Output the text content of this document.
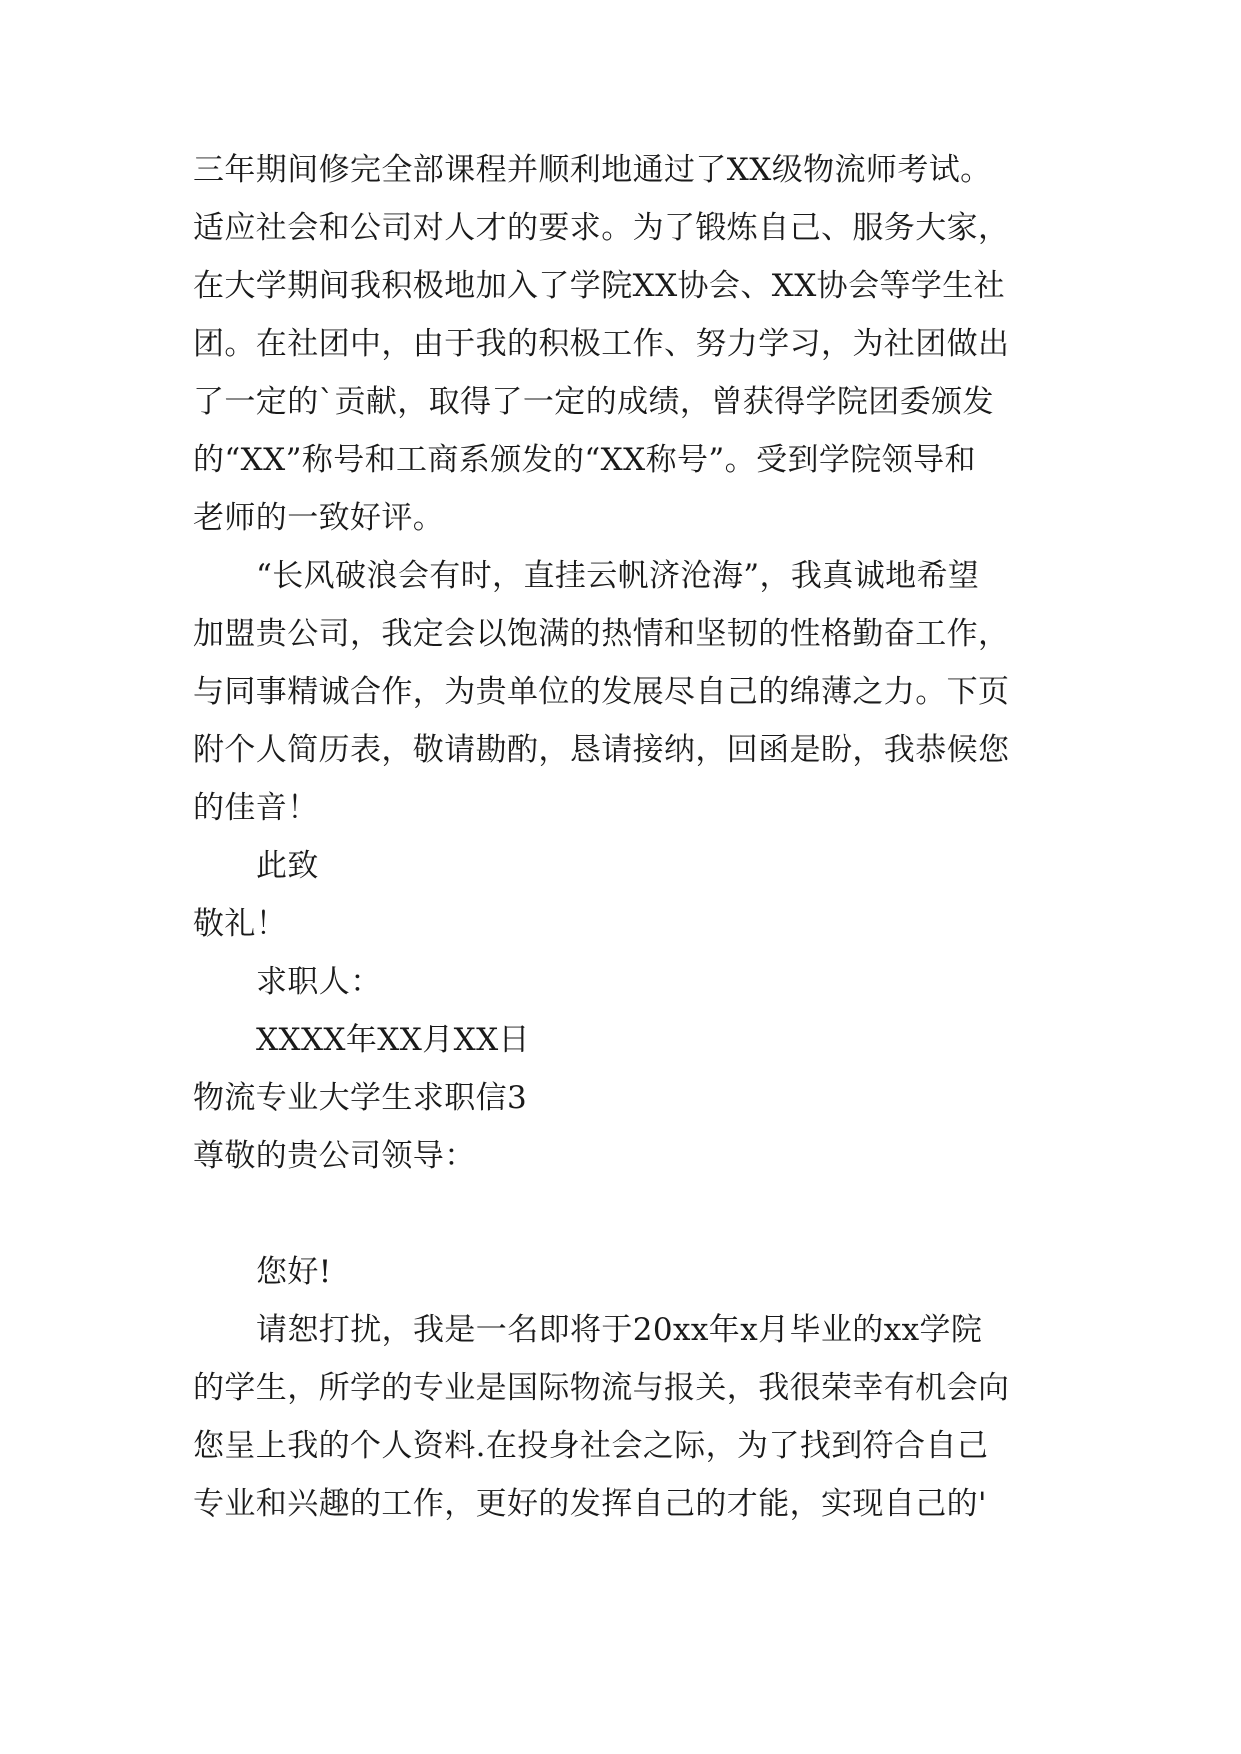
三年期间修完全部课程并顺利地通过了XX级物流师考试。
适应社会和公司对人才的要求。为了锻炼自己、服务大家，
在大学期间我积极地加入了学院XX协会、XX协会等学生社
团。在社团中，由于我的积极工作、努力学习，为社团做出
了一定的`贡献，取得了一定的成绩，曾获得学院团委颁发
的“XX”称号和工商系颁发的“XX称号”。受到学院领导和
老师的一致好评。
“长风破浪会有时，直挂云帆济沧海”，我真诚地希望
加盟贵公司，我定会以饱满的热情和坚韧的性格勤奋工作，
与同事精诚合作，为贵单位的发展尽自己的绵薄之力。下页
附个人简历表，敬请勘酌，恳请接纳，回函是盼，我恭候您
的佳音！
此致
敬礼！
求职人：
XXXX年XX月XX日
物流专业大学生求职信3
尊敬的贵公司领导：
您好!
请恕打扰，我是一名即将于20xx年x月毕业的xx学院
的学生，所学的专业是国际物流与报关，我很荣幸有机会向
您呈上我的个人资料.在投身社会之际，为了找到符合自己
专业和兴趣的工作，更好的发挥自己的才能，实现自己的'
